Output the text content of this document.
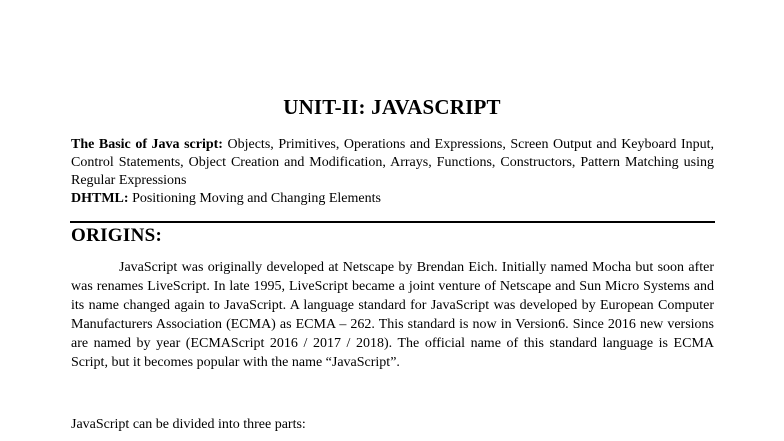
UNIT-II: JAVASCRIPT

The Basic of Java script: Objects, Primitives, Operations and Expressions, Screen Output and Keyboard Input, Control Statements, Object Creation and Modification, Arrays, Functions, Constructors, Pattern Matching using Regular Expressions

DHTML: Positioning Moving and Changing Elements

ORIGINS:

JavaScript was originally developed at Netscape by Brendan Eich. Initially named Mocha but soon after was renames LiveScript. In late 1995, LiveScript became a joint venture of Netscape and Sun Micro Systems and its name changed again to JavaScript. A language standard for JavaScript was developed by European Computer Manufacturers Association (ECMA) as ECMA – 262. This standard is now in Version6. Since 2016 new versions are named by year (ECMAScript 2016 / 2017 / 2018). The official name of this standard language is ECMA Script, but it becomes popular with the name “JavaScript”.

JavaScript can be divided into three parts:
